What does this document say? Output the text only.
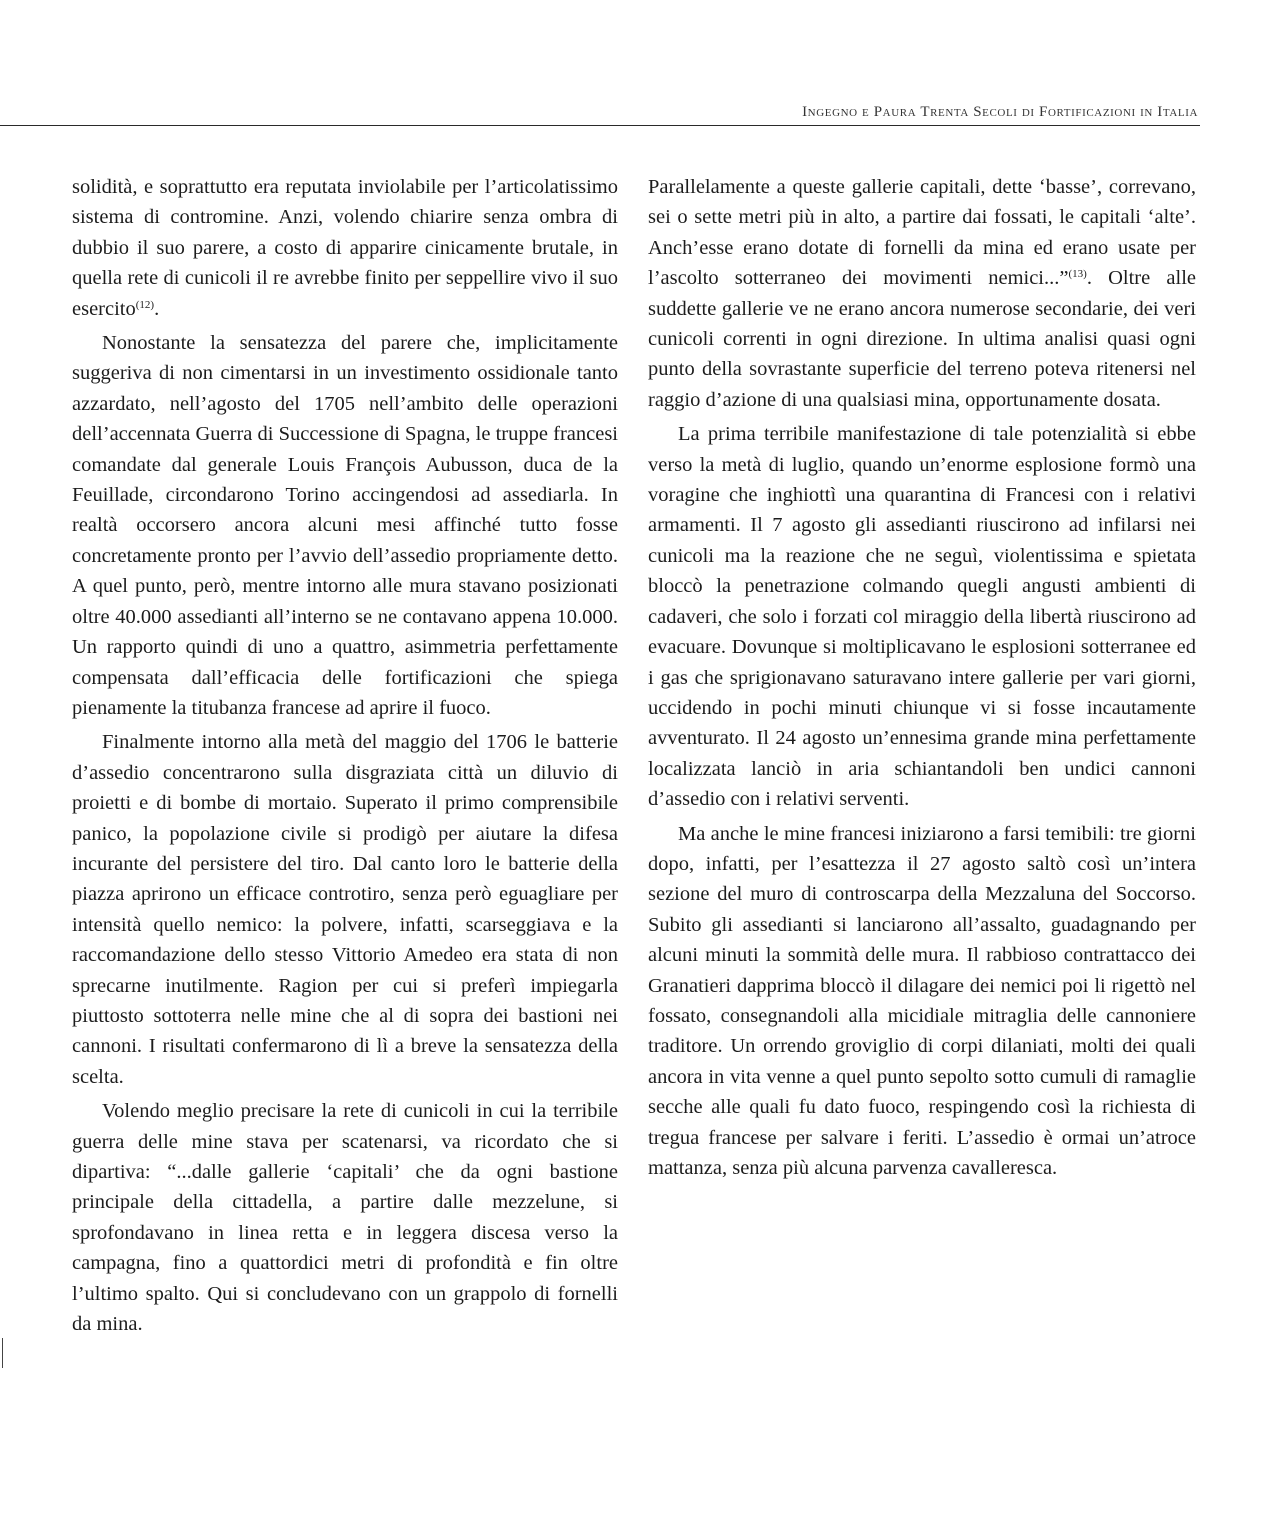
Ingegno e Paura Trenta Secoli di Fortificazioni in Italia

solidità, e soprattutto era reputata inviolabile per l’articolatissimo sistema di contromine. Anzi, volendo chiarire senza ombra di dubbio il suo parere, a costo di apparire cinicamente brutale, in quella rete di cunicoli il re avrebbe finito per seppellire vivo il suo esercito$^{(12)}$.

Nonostante la sensatezza del parere che, implicitamente suggeriva di non cimentarsi in un investimento ossidionale tanto azzardato, nell’agosto del 1705 nell’ambito delle operazioni dell’accennata Guerra di Successione di Spagna, le truppe francesi comandate dal generale Louis François Aubusson, duca de la Feuillade, circondarono Torino accingendosi ad assediarla. In realtà occorsero ancora alcuni mesi affinché tutto fosse concretamente pronto per l’avvio dell’assedio propriamente detto. A quel punto, però, mentre intorno alle mura stavano posizionati oltre 40.000 assedianti all’interno se ne contavano appena 10.000. Un rapporto quindi di uno a quattro, asimmetria perfettamente compensata dall’efficacia delle fortificazioni che spiega pienamente la titubanza francese ad aprire il fuoco.

Finalmente intorno alla metà del maggio del 1706 le batterie d’assedio concentrarono sulla disgraziata città un diluvio di proietti e di bombe di mortaio. Superato il primo comprensibile panico, la popolazione civile si prodigò per aiutare la difesa incurante del persistere del tiro. Dal canto loro le batterie della piazza aprirono un efficace controtiro, senza però eguagliare per intensità quello nemico: la polvere, infatti, scarseggiava e la raccomandazione dello stesso Vittorio Amedeo era stata di non sprecarne inutilmente. Ragion per cui si preferì impiegarla piuttosto sottoterra nelle mine che al di sopra dei bastioni nei cannoni. I risultati confermarono di lì a breve la sensatezza della scelta.

Volendo meglio precisare la rete di cunicoli in cui la terribile guerra delle mine stava per scatenarsi, va ricordato che si dipartiva: “...dalle gallerie ‘capitali’ che da ogni bastione principale della cittadella, a partire dalle mezzelune, si sprofondavano in linea retta e in leggera discesa verso la campagna, fino a quattordici metri di profondità e fin oltre l’ultimo spalto. Qui si concludevano con un grappolo di fornelli da mina.

Parallelamente a queste gallerie capitali, dette ‘basse’, correvano, sei o sette metri più in alto, a partire dai fossati, le capitali ‘alte’. Anch’esse erano dotate di fornelli da mina ed erano usate per l’ascolto sotterraneo dei movimenti nemici...”$^{(13)}$. Oltre alle suddette gallerie ve ne erano ancora numerose secondarie, dei veri cunicoli correnti in ogni direzione. In ultima analisi quasi ogni punto della sovrastante superficie del terreno poteva ritenersi nel raggio d’azione di una qualsiasi mina, opportunamente dosata.

La prima terribile manifestazione di tale potenzialità si ebbe verso la metà di luglio, quando un’enorme esplosione formò una voragine che inghiottì una quarantina di Francesi con i relativi armamenti. Il 7 agosto gli assedianti riuscirono ad infilarsi nei cunicoli ma la reazione che ne seguì, violentissima e spietata bloccò la penetrazione colmando quegli angusti ambienti di cadaveri, che solo i forzati col miraggio della libertà riuscirono ad evacuare. Dovunque si moltiplicavano le esplosioni sotterranee ed i gas che sprigionavano saturavano intere gallerie per vari giorni, uccidendo in pochi minuti chiunque vi si fosse incautamente avventurato. Il 24 agosto un’ennesima grande mina perfettamente localizzata lanciò in aria schiantandoli ben undici cannoni d’assedio con i relativi serventi.

Ma anche le mine francesi iniziarono a farsi temibili: tre giorni dopo, infatti, per l’esattezza il 27 agosto saltò così un’intera sezione del muro di controscarpa della Mezzaluna del Soccorso. Subito gli assedianti si lanciarono all’assalto, guadagnando per alcuni minuti la sommità delle mura. Il rabbioso contrattacco dei Granatieri dapprima bloccò il dilagare dei nemici poi li rigettò nel fossato, consegnandoli alla micidiale mitraglia delle cannoniere traditore. Un orrendo groviglio di corpi dilaniati, molti dei quali ancora in vita venne a quel punto sepolto sotto cumuli di ramaglie secche alle quali fu dato fuoco, respingendo così la richiesta di tregua francese per salvare i feriti. L’assedio è ormai un’atroce mattanza, senza più alcuna parvenza cavalleresca.
